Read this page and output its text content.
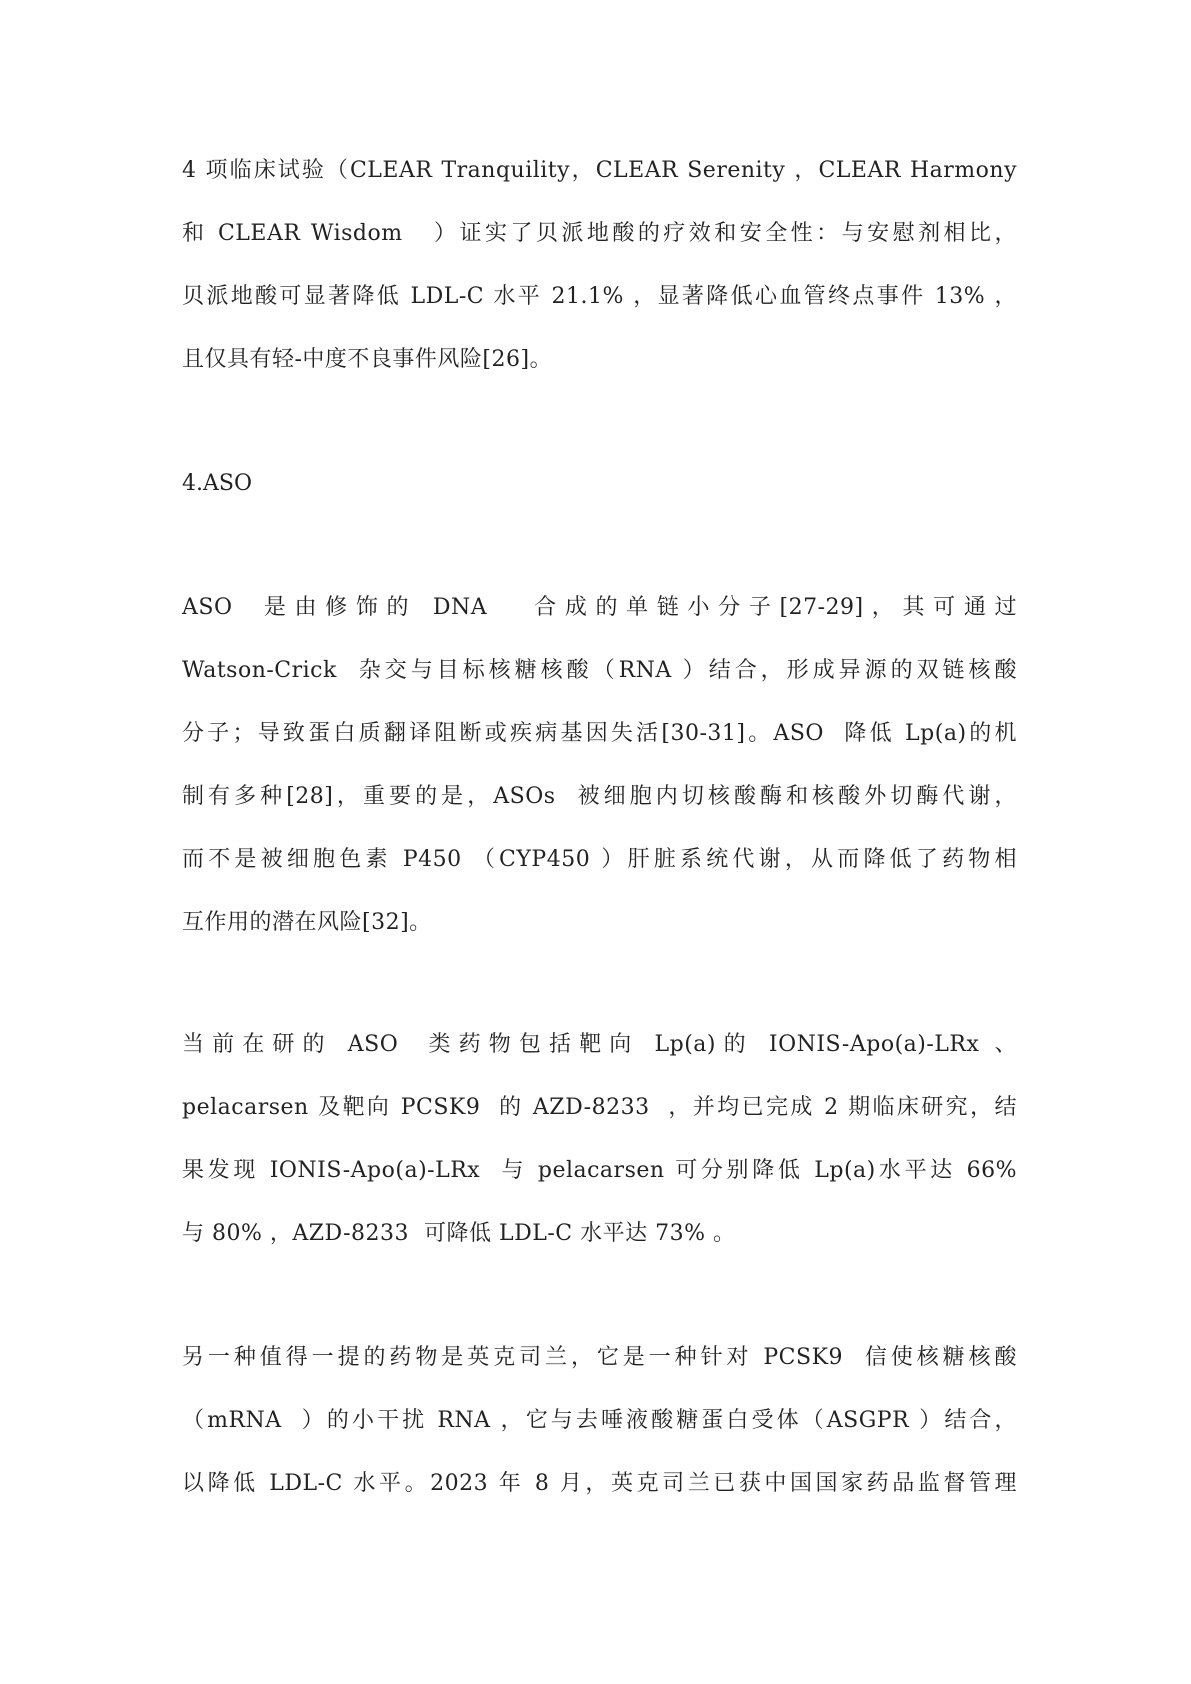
4 项临床试验（CLEAR Tranquility，CLEAR Serenity ，CLEAR Harmony
和 CLEAR Wisdom   ）证实了贝派地酸的疗效和安全性：与安慰剂相比，
贝派地酸可显著降低 LDL-C 水平 21.1% ，显著降低心血管终点事件 13% ，
且仅具有轻-中度不良事件风险[26]。
4.ASO
ASO  是由修饰的 DNA   合成的单链小分子[27-29]，其可通过
Watson-Crick  杂交与目标核糖核酸（RNA ）结合，形成异源的双链核酸
分子；导致蛋白质翻译阻断或疾病基因失活[30-31]。ASO  降低 Lp(a)的机
制有多种[28]，重要的是，ASOs  被细胞内切核酸酶和核酸外切酶代谢，
而不是被细胞色素 P450 （CYP450 ）肝脏系统代谢，从而降低了药物相
互作用的潜在风险[32]。
当前在研的 ASO  类药物包括靶向 Lp(a)的 IONIS-Apo(a)-LRx 、
pelacarsen 及靶向 PCSK9  的 AZD-8233  ，并均已完成 2 期临床研究，结
果发现 IONIS-Apo(a)-LRx  与 pelacarsen 可分别降低 Lp(a)水平达 66%
与 80% ，AZD-8233  可降低 LDL-C 水平达 73% 。
另一种值得一提的药物是英克司兰，它是一种针对 PCSK9  信使核糖核酸
（mRNA  ）的小干扰 RNA ，它与去唾液酸糖蛋白受体（ASGPR ）结合，
以降低 LDL-C 水平。2023 年 8 月，英克司兰已获中国国家药品监督管理
